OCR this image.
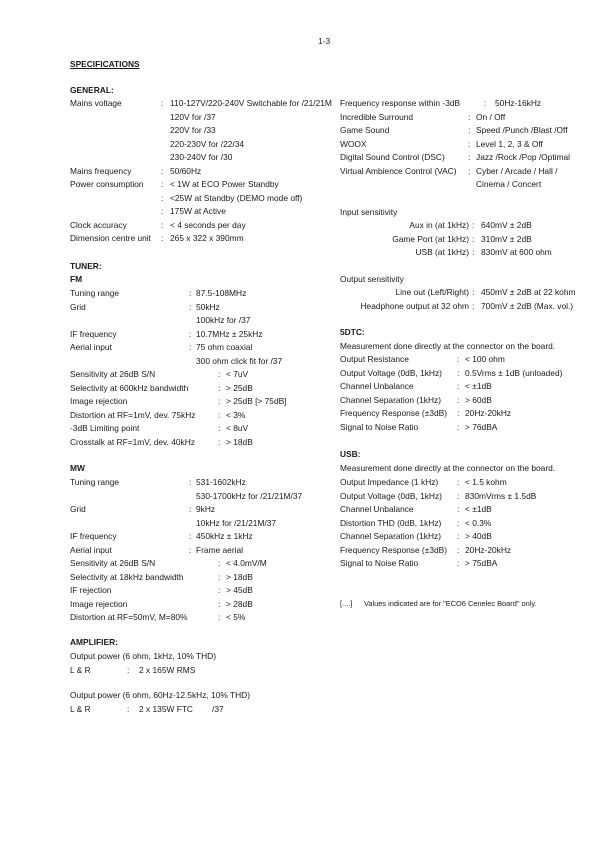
1-3
SPECIFICATIONS
GENERAL:
Mains voltage	: 110-127V/220-240V Switchable for /21/21M
120V for /37
220V for /33
220-230V for /22/34
230-240V for /30
Mains frequency	: 50/60Hz
Power consumption : < 1W at ECO Power Standby
: <25W at Standby (DEMO mode off)
: 175W at Active
Clock accuracy	: < 4 seconds per day
Dimension centre unit : 265 x 322 x 390mm
TUNER:
FM
Tuning range	: 87.5-108MHz
Grid	: 50kHz
100kHz for /37
IF frequency	: 10.7MHz ± 25kHz
Aerial input	: 75 ohm coaxial
300 ohm click fit for /37
Sensitivity at 26dB S/N	: < 7uV
Selectivity at 600kHz bandwidth	: > 25dB
Image rejection	: > 25dB [> 75dB]
Distortion at RF=1mV, dev. 75kHz	: < 3%
-3dB Limiting point	: < 8uV
Crosstalk at RF=1mV, dev. 40kHz	: > 18dB
MW
Tuning range	: 531-1602kHz
530-1700kHz for /21/21M/37
Grid	: 9kHz
10kHz for /21/21M/37
IF frequency	: 450kHz ± 1kHz
Aerial input	: Frame aerial
Sensitivity at 26dB S/N	: < 4.0mV/M
Selectivity at 18kHz bandwidth	: > 18dB
IF rejection	: > 45dB
Image rejection	: > 28dB
Distortion at RF=50mV, M=80%	: < 5%
AMPLIFIER:
Output power (6 ohm, 1kHz, 10% THD)
L & R	: 2 x 165W RMS
Output power (6 ohm, 60Hz-12.5kHz, 10% THD)
L & R	: 2 x 135W FTC /37
Frequency response within -3dB	: 50Hz-16kHz
Incredible Surround	: On / Off
Game Sound	: Speed /Punch /Blast /Off
WOOX	: Level 1, 2, 3 & Off
Digital Sound Control (DSC)	: Jazz /Rock /Pop /Optimal
Virtual Ambience Control (VAC) : Cyber / Arcade / Hall /
Cinema / Concert
Input sensitivity
Aux in (at 1kHz) : 640mV ± 2dB
Game Port (at 1kHz) : 310mV ± 2dB
USB (at 1kHz) : 830mV at 600 ohm
Output sensitivity
Line out (Left/Right) : 450mV ± 2dB at 22 kohm
Headphone output at 32 ohm : 700mV ± 2dB (Max. vol.)
5DTC:
Measurement done directly at the connector on the board.
Output Resistance	: < 100 ohm
Output Voltage (0dB, 1kHz) : 0.5Vrms ± 1dB (unloaded)
Channel Unbalance	: < ±1dB
Channel Separation (1kHz) : > 60dB
Frequency Response (±3dB) : 20Hz-20kHz
Signal to Noise Ratio	: > 76dBA
USB:
Measurement done directly at the connector on the board.
Output Impedance (1 kHz) : < 1.5 kohm
Output Voltage (0dB, 1kHz) : 830mVrms ± 1.5dB
Channel Unbalance	: < ±1dB
Distortion THD (0dB, 1kHz) : < 0.3%
Channel Separation (1kHz) : > 40dB
Frequency Response (±3dB) : 20Hz-20kHz
Signal to Noise Ratio	: > 75dBA
[....] Values indicated are for "ECO6 Cenelec Board" only.
